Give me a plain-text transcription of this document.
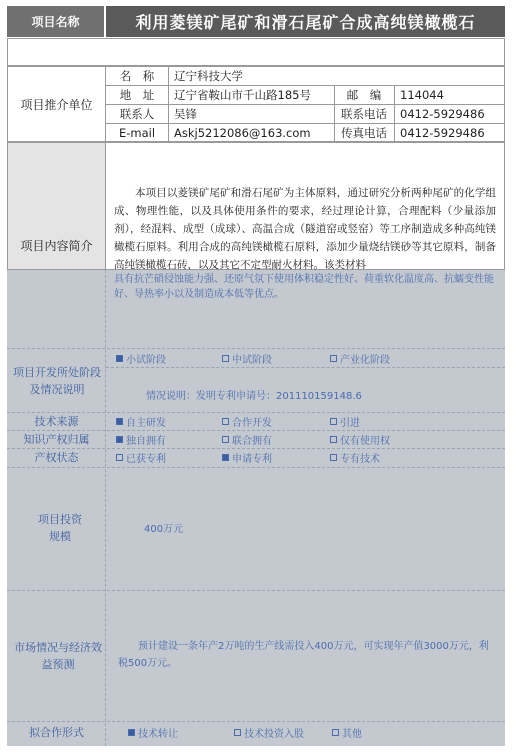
项目名称	利用菱镁矿尾矿和滑石尾矿合成高纯镁橄榄石
项目推介单位
名　称	辽宁科技大学
地　址	辽宁省鞍山市千山路185号	邮　编	114044
联系人	吴锋	联系电话	0412-5929486
E-mail	Askj5212086@163.com	传真电话	0412-5929486
项目内容简介
本项目以菱镁矿尾矿和滑石尾矿为主体原料，通过研究分析两种尾矿的化学组成、物理性能，以及具体使用条件的要求，经过理论计算，合理配料（少量添加剂），经混料、成型（成球）、高温合成（隧道窑或竖窑）等工序制造成多种高纯镁橄榄石原料。利用合成的高纯镁橄榄石原料，添加少量烧结镁砂等其它原料，制备高纯镁橄榄石砖，以及其它不定型耐火材料。该类材料
具有抗芒硝侵蚀能力强、还原气氛下使用体积稳定性好、荷重软化温度高、抗蠕变性能好、导热率小以及制造成本低等优点。
项目开发所处阶段及情况说明
小试阶段	中试阶段	产业化阶段
情况说明：发明专利申请号：201110159148.6
技术来源	自主研发	合作开发	引进
知识产权归属	独自拥有	联合拥有	仅有使用权
产权状态	已获专利	申请专利	专有技术
项目投资规模
400万元
市场情况与经济效益预测
预计建设一条年产2万吨的生产线需投入400万元，可实现年产值3000万元，利税500万元。
拟合作形式	技术转让	技术投资入股	其他
